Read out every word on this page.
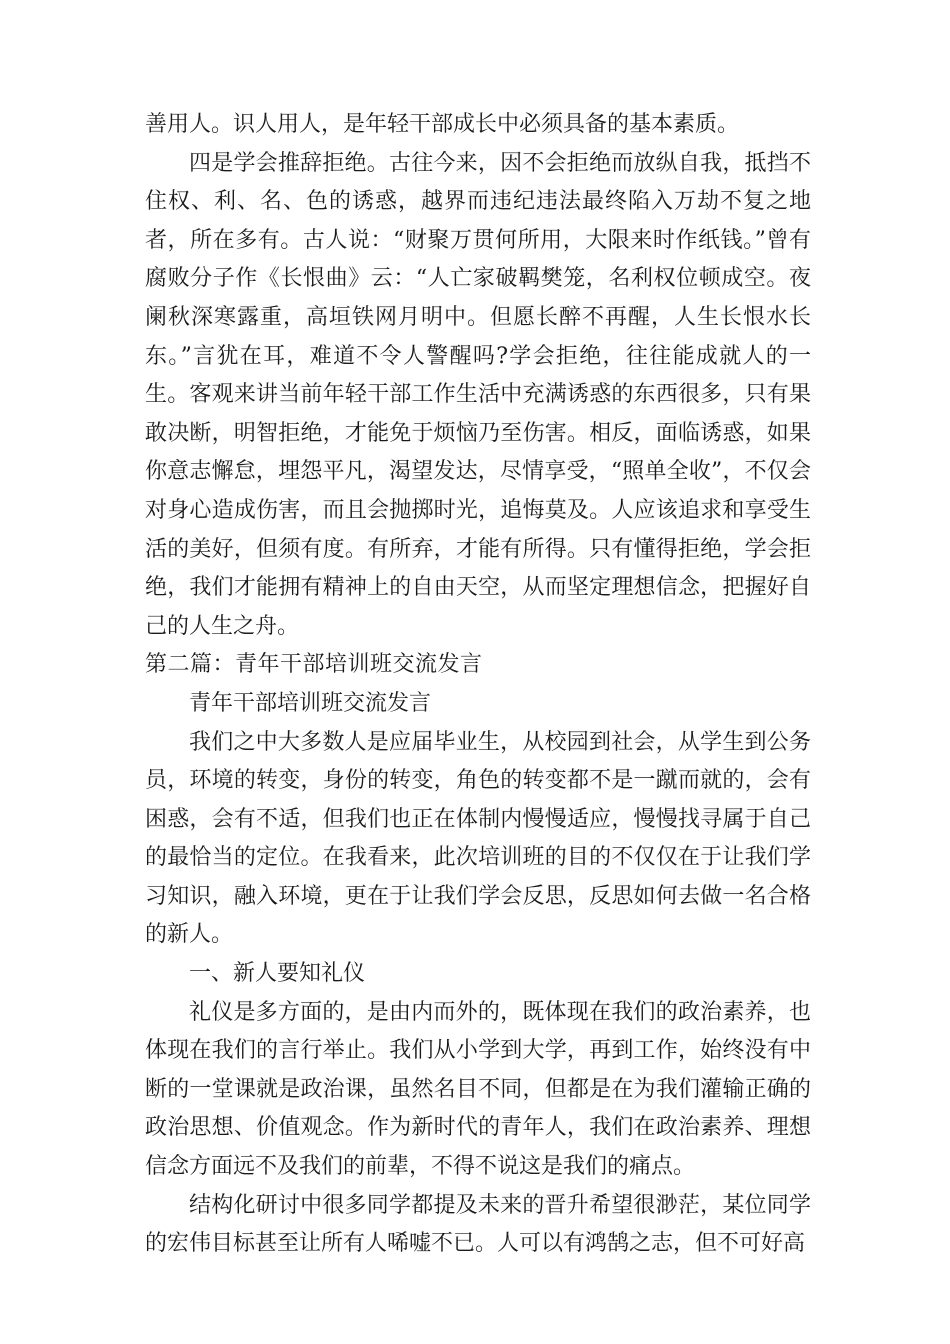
善用人。识人用人，是年轻干部成长中必须具备的基本素质。

四是学会推辞拒绝。古往今来，因不会拒绝而放纵自我，抵挡不住权、利、名、色的诱惑，越界而违纪违法最终陷入万劫不复之地者，所在多有。古人说：“财聚万贯何所用，大限来时作纸钱。”曾有腐败分子作《长恨曲》云：“人亡家破羁樊笼，名利权位顿成空。夜阑秋深寒露重，高垣铁网月明中。但愿长醉不再醒，人生长恨水长东。”言犹在耳，难道不令人警醒吗?学会拒绝，往往能成就人的一生。客观来讲当前年轻干部工作生活中充满诱惑的东西很多，只有果敢决断，明智拒绝，才能免于烦恼乃至伤害。相反，面临诱惑，如果你意志懈怠，埋怨平凡，渴望发达，尽情享受，“照单全收”，不仅会对身心造成伤害，而且会抛掷时光，追悔莫及。人应该追求和享受生活的美好，但须有度。有所弃，才能有所得。只有懂得拒绝，学会拒绝，我们才能拥有精神上的自由天空，从而坚定理想信念，把握好自己的人生之舟。

第二篇：青年干部培训班交流发言

青年干部培训班交流发言

我们之中大多数人是应届毕业生，从校园到社会，从学生到公务员，环境的转变，身份的转变，角色的转变都不是一蹴而就的，会有困惑，会有不适，但我们也正在体制内慢慢适应，慢慢找寻属于自己的最恰当的定位。在我看来，此次培训班的目的不仅仅在于让我们学习知识，融入环境，更在于让我们学会反思，反思如何去做一名合格的新人。

一、新人要知礼仪

礼仪是多方面的，是由内而外的，既体现在我们的政治素养，也体现在我们的言行举止。我们从小学到大学，再到工作，始终没有中断的一堂课就是政治课，虽然名目不同，但都是在为我们灌输正确的政治思想、价值观念。作为新时代的青年人，我们在政治素养、理想信念方面远不及我们的前辈，不得不说这是我们的痛点。

结构化研讨中很多同学都提及未来的晋升希望很渺茫，某位同学的宏伟目标甚至让所有人唏嘘不已。人可以有鸿鹄之志，但不可好高
